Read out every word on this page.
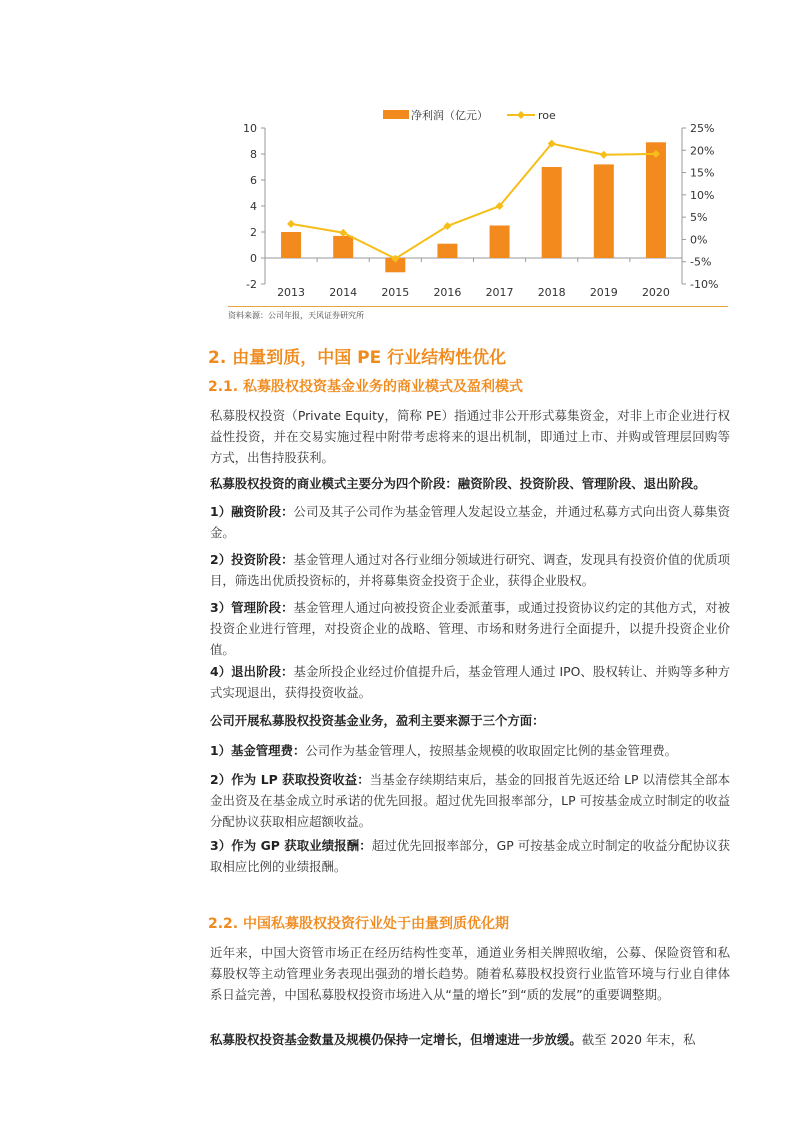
-2
0
2
4
6
8
10
-10%
-5%
0%
5%
10%
15%
20%
25%
2013 2014 2015 2016 2017 2018 2019 2020
净利润（亿元）	roe
资料来源：公司年报，天风证券研究所
2. 由量到质，中国 PE 行业结构性优化
2.1. 私募股权投资基金业务的商业模式及盈利模式

私募股权投资（Private Equity，简称 PE）指通过非公开形式募集资金，对非上市企业进行权益性投资，并在交易实施过程中附带考虑将来的退出机制，即通过上市、并购或管理层回购等方式，出售持股获利。

私募股权投资的商业模式主要分为四个阶段：融资阶段、投资阶段、管理阶段、退出阶段。

1）融资阶段：公司及其子公司作为基金管理人发起设立基金，并通过私募方式向出资人募集资金。

2）投资阶段：基金管理人通过对各行业细分领域进行研究、调查，发现具有投资价值的优质项目，筛选出优质投资标的，并将募集资金投资于企业，获得企业股权。

3）管理阶段：基金管理人通过向被投资企业委派董事，或通过投资协议约定的其他方式，对被投资企业进行管理，对投资企业的战略、管理、市场和财务进行全面提升，以提升投资企业价值。

4）退出阶段：基金所投企业经过价值提升后，基金管理人通过 IPO、股权转让、并购等多种方式实现退出，获得投资收益。

公司开展私募股权投资基金业务，盈利主要来源于三个方面：

1）基金管理费：公司作为基金管理人，按照基金规模的收取固定比例的基金管理费。

2）作为 LP 获取投资收益：当基金存续期结束后，基金的回报首先返还给 LP 以清偿其全部本金出资及在基金成立时承诺的优先回报。超过优先回报率部分，LP 可按基金成立时制定的收益分配协议获取相应超额收益。

3）作为 GP 获取业绩报酬：超过优先回报率部分，GP 可按基金成立时制定的收益分配协议获取相应比例的业绩报酬。

2.2. 中国私募股权投资行业处于由量到质优化期

近年来，中国大资管市场正在经历结构性变革，通道业务相关牌照收缩，公募、保险资管和私募股权等主动管理业务表现出强劲的增长趋势。随着私募股权投资行业监管环境与行业自律体系日益完善，中国私募股权投资市场进入从“量的增长”到“质的发展”的重要调整期。

私募股权投资基金数量及规模仍保持一定增长，但增速进一步放缓。截至 2020 年末，私
